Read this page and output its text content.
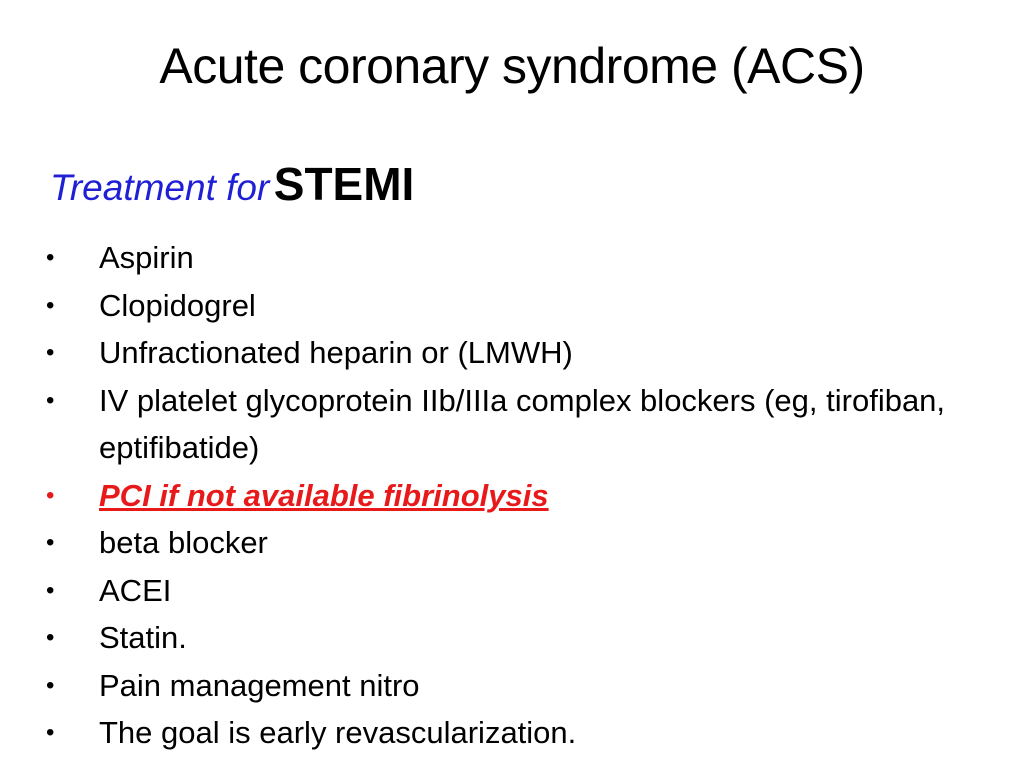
Acute coronary syndrome (ACS)
Treatment for STEMI
•	Aspirin
•	Clopidogrel
•	Unfractionated heparin or (LMWH)
•	IV platelet glycoprotein IIb/IIIa complex blockers (eg, tirofiban, eptifibatide)
•	PCI if not available fibrinolysis
•	beta blocker
•	ACEI
•	Statin.
•	Pain management nitro
•	The goal is early revascularization.
